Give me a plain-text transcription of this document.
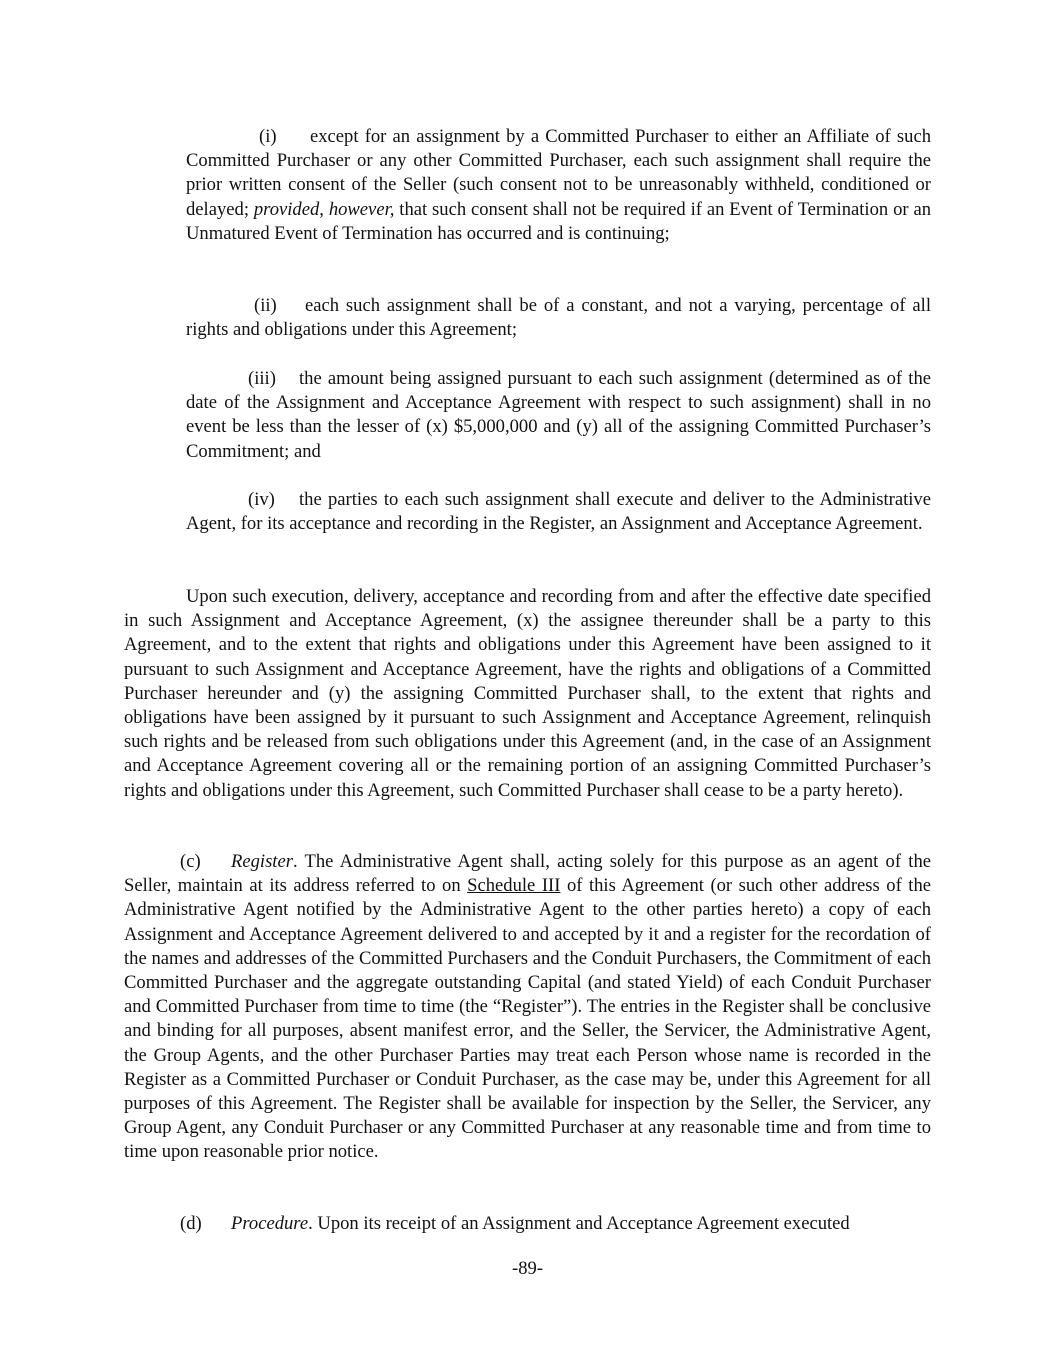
(i) except for an assignment by a Committed Purchaser to either an Affiliate of such Committed Purchaser or any other Committed Purchaser, each such assignment shall require the prior written consent of the Seller (such consent not to be unreasonably withheld, conditioned or delayed; provided, however, that such consent shall not be required if an Event of Termination or an Unmatured Event of Termination has occurred and is continuing;

(ii) each such assignment shall be of a constant, and not a varying, percentage of all rights and obligations under this Agreement;

(iii) the amount being assigned pursuant to each such assignment (determined as of the date of the Assignment and Acceptance Agreement with respect to such assignment) shall in no event be less than the lesser of (x) $5,000,000 and (y) all of the assigning Committed Purchaser’s Commitment; and

(iv) the parties to each such assignment shall execute and deliver to the Administrative Agent, for its acceptance and recording in the Register, an Assignment and Acceptance Agreement.

Upon such execution, delivery, acceptance and recording from and after the effective date specified in such Assignment and Acceptance Agreement, (x) the assignee thereunder shall be a party to this Agreement, and to the extent that rights and obligations under this Agreement have been assigned to it pursuant to such Assignment and Acceptance Agreement, have the rights and obligations of a Committed Purchaser hereunder and (y) the assigning Committed Purchaser shall, to the extent that rights and obligations have been assigned by it pursuant to such Assignment and Acceptance Agreement, relinquish such rights and be released from such obligations under this Agreement (and, in the case of an Assignment and Acceptance Agreement covering all or the remaining portion of an assigning Committed Purchaser’s rights and obligations under this Agreement, such Committed Purchaser shall cease to be a party hereto).

(c) Register. The Administrative Agent shall, acting solely for this purpose as an agent of the Seller, maintain at its address referred to on Schedule III of this Agreement (or such other address of the Administrative Agent notified by the Administrative Agent to the other parties hereto) a copy of each Assignment and Acceptance Agreement delivered to and accepted by it and a register for the recordation of the names and addresses of the Committed Purchasers and the Conduit Purchasers, the Commitment of each Committed Purchaser and the aggregate outstanding Capital (and stated Yield) of each Conduit Purchaser and Committed Purchaser from time to time (the “Register”). The entries in the Register shall be conclusive and binding for all purposes, absent manifest error, and the Seller, the Servicer, the Administrative Agent, the Group Agents, and the other Purchaser Parties may treat each Person whose name is recorded in the Register as a Committed Purchaser or Conduit Purchaser, as the case may be, under this Agreement for all purposes of this Agreement. The Register shall be available for inspection by the Seller, the Servicer, any Group Agent, any Conduit Purchaser or any Committed Purchaser at any reasonable time and from time to time upon reasonable prior notice.

(d) Procedure. Upon its receipt of an Assignment and Acceptance Agreement executed

-89-
